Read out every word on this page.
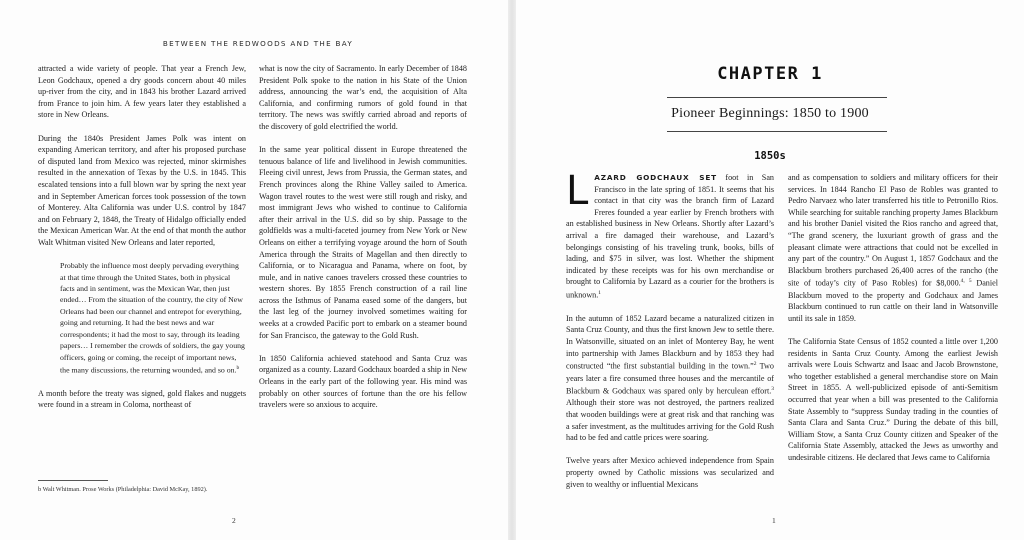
BETWEEN THE REDWOODS AND THE BAY

attracted a wide variety of people. That year a French Jew, Leon Godchaux, opened a dry goods concern about 40 miles up-river from the city, and in 1843 his brother Lazard arrived from France to join him. A few years later they established a store in New Orleans.

During the 1840s President James Polk was intent on expanding American territory, and after his proposed purchase of disputed land from Mexico was rejected, minor skirmishes resulted in the annexation of Texas by the U.S. in 1845. This escalated tensions into a full blown war by spring the next year and in September American forces took possession of the town of Monterey. Alta California was under U.S. control by 1847 and on February 2, 1848, the Treaty of Hidalgo officially ended the Mexican American War. At the end of that month the author Walt Whitman visited New Orleans and later reported,

Probably the influence most deeply pervading everything at that time through the United States, both in physical facts and in sentiment, was the Mexican War, then just ended… From the situation of the country, the city of New Orleans had been our channel and entrepot for everything, going and returning. It had the best news and war correspondents; it had the most to say, through its leading papers… I remember the crowds of soldiers, the gay young officers, going or coming, the receipt of important news, the many discussions, the returning wounded, and so on.$^b$

A month before the treaty was signed, gold flakes and nuggets were found in a stream in Coloma, northeast of

what is now the city of Sacramento. In early December of 1848 President Polk spoke to the nation in his State of the Union address, announcing the war’s end, the acquisition of Alta California, and confirming rumors of gold found in that territory. The news was swiftly carried abroad and reports of the discovery of gold electrified the world.

In the same year political dissent in Europe threatened the tenuous balance of life and livelihood in Jewish communities. Fleeing civil unrest, Jews from Prussia, the German states, and French provinces along the Rhine Valley sailed to America. Wagon travel routes to the west were still rough and risky, and most immigrant Jews who wished to continue to California after their arrival in the U.S. did so by ship. Passage to the goldfields was a multi-faceted journey from New York or New Orleans on either a terrifying voyage around the horn of South America through the Straits of Magellan and then directly to California, or to Nicaragua and Panama, where on foot, by mule, and in native canoes travelers crossed these countries to western shores. By 1855 French construction of a rail line across the Isthmus of Panama eased some of the dangers, but the last leg of the journey involved sometimes waiting for weeks at a crowded Pacific port to embark on a steamer bound for San Francisco, the gateway to the Gold Rush.

In 1850 California achieved statehood and Santa Cruz was organized as a county. Lazard Godchaux boarded a ship in New Orleans in the early part of the following year. His mind was probably on other sources of fortune than the ore his fellow travelers were so anxious to acquire.

b Walt Whitman. Prose Works (Philadelphia: David McKay, 1892).
2
CHAPTER 1
Pioneer Beginnings: 1850 to 1900
1850s

LAZARD GODCHAUX SET foot in San Francisco in the late spring of 1851. It seems that his contact in that city was the branch firm of Lazard Freres founded a year earlier by French brothers with an established business in New Orleans. Shortly after Lazard’s arrival a fire damaged their warehouse, and Lazard’s belongings consisting of his traveling trunk, books, bills of lading, and $75 in silver, was lost. Whether the shipment indicated by these receipts was for his own merchandise or brought to California by Lazard as a courier for the brothers is unknown.$^1$

In the autumn of 1852 Lazard became a naturalized citizen in Santa Cruz County, and thus the first known Jew to settle there. In Watsonville, situated on an inlet of Monterey Bay, he went into partnership with James Blackburn and by 1853 they had constructed “the first substantial building in the town.”$^2$ Two years later a fire consumed three houses and the mercantile of Blackburn & Godchaux was spared only by herculean effort.$^3$ Although their store was not destroyed, the partners realized that wooden buildings were at great risk and that ranching was a safer investment, as the multitudes arriving for the Gold Rush had to be fed and cattle prices were soaring.

Twelve years after Mexico achieved independence from Spain property owned by Catholic missions was secularized and given to wealthy or influential Mexicans

and as compensation to soldiers and military officers for their services. In 1844 Rancho El Paso de Robles was granted to Pedro Narvaez who later transferred his title to Petronillo Rios. While searching for suitable ranching property James Blackburn and his brother Daniel visited the Rios rancho and agreed that, “The grand scenery, the luxuriant growth of grass and the pleasant climate were attractions that could not be excelled in any part of the country.” On August 1, 1857 Godchaux and the Blackburn brothers purchased 26,400 acres of the rancho (the site of today’s city of Paso Robles) for $8,000.$^{4, 5}$ Daniel Blackburn moved to the property and Godchaux and James Blackburn continued to run cattle on their land in Watsonville until its sale in 1859.

The California State Census of 1852 counted a little over 1,200 residents in Santa Cruz County. Among the earliest Jewish arrivals were Louis Schwartz and Isaac and Jacob Brownstone, who together established a general merchandise store on Main Street in 1855. A well-publicized episode of anti-Semitism occurred that year when a bill was presented to the California State Assembly to “suppress Sunday trading in the counties of Santa Clara and Santa Cruz.” During the debate of this bill, William Stow, a Santa Cruz County citizen and Speaker of the California State Assembly, attacked the Jews as unworthy and undesirable citizens. He declared that Jews came to California

1
